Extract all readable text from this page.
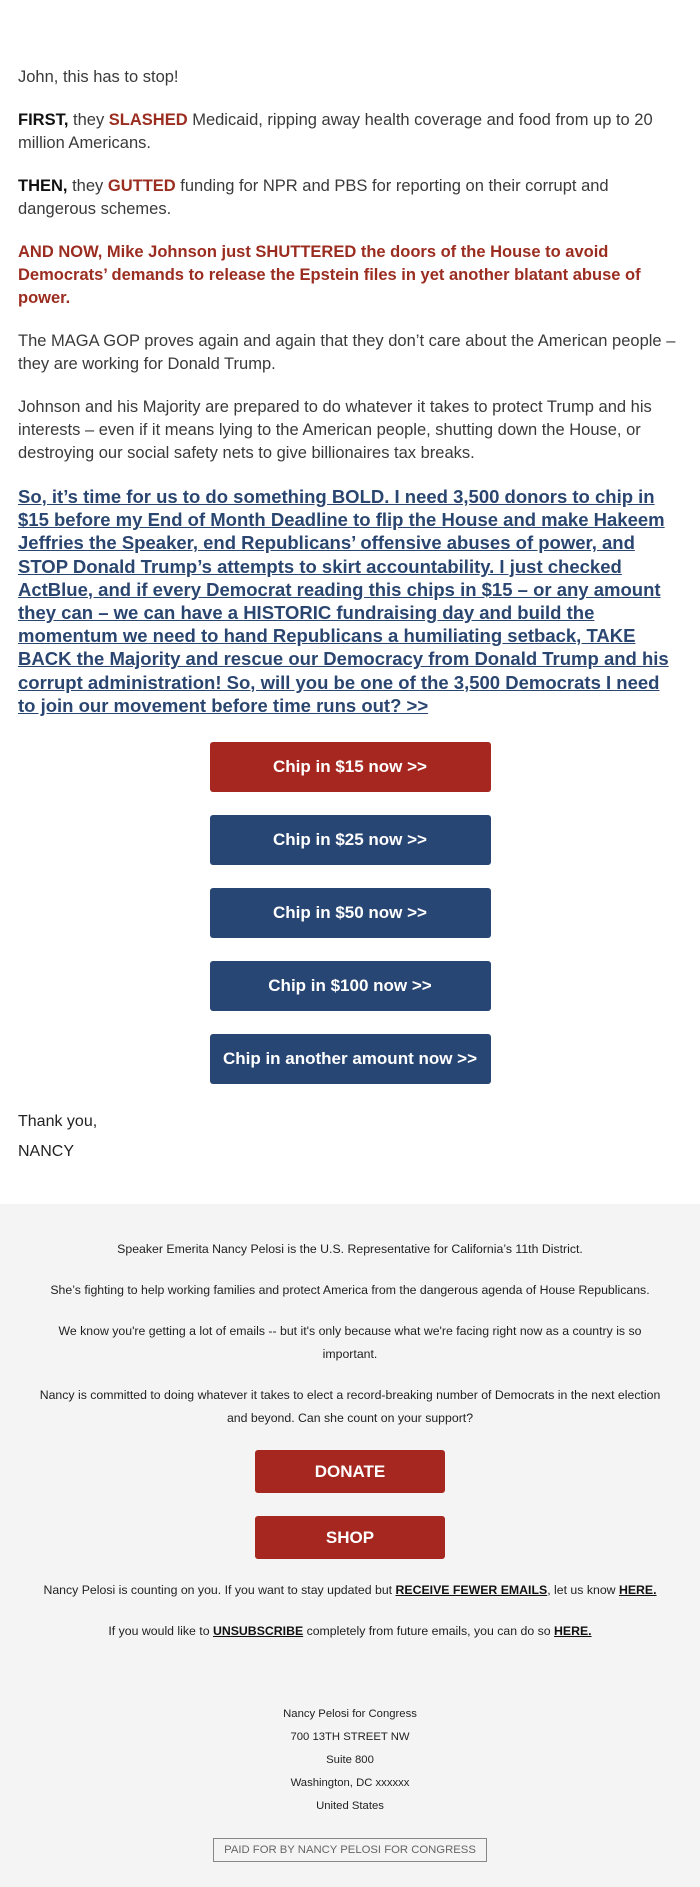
John, this has to stop!

FIRST, they SLASHED Medicaid, ripping away health coverage and food from up to 20 million Americans.

THEN, they GUTTED funding for NPR and PBS for reporting on their corrupt and dangerous schemes.

AND NOW, Mike Johnson just SHUTTERED the doors of the House to avoid Democrats’ demands to release the Epstein files in yet another blatant abuse of power.

The MAGA GOP proves again and again that they don’t care about the American people – they are working for Donald Trump.

Johnson and his Majority are prepared to do whatever it takes to protect Trump and his interests – even if it means lying to the American people, shutting down the House, or destroying our social safety nets to give billionaires tax breaks.

So, it’s time for us to do something BOLD. I need 3,500 donors to chip in $15 before my End of Month Deadline to flip the House and make Hakeem Jeffries the Speaker, end Republicans’ offensive abuses of power, and STOP Donald Trump’s attempts to skirt accountability. I just checked ActBlue, and if every Democrat reading this chips in $15 – or any amount they can – we can have a HISTORIC fundraising day and build the momentum we need to hand Republicans a humiliating setback, TAKE BACK the Majority and rescue our Democracy from Donald Trump and his corrupt administration! So, will you be one of the 3,500 Democrats I need to join our movement before time runs out? >>
Chip in $15 now >>
Chip in $25 now >>
Chip in $50 now >>
Chip in $100 now >>
Chip in another amount now >>
Thank you,
NANCY

Speaker Emerita Nancy Pelosi is the U.S. Representative for California’s 11th District.

She’s fighting to help working families and protect America from the dangerous agenda of House Republicans.

We know you're getting a lot of emails -- but it's only because what we're facing right now as a country is so important.

Nancy is committed to doing whatever it takes to elect a record-breaking number of Democrats in the next election and beyond. Can she count on your support?

DONATE
SHOP

Nancy Pelosi is counting on you. If you want to stay updated but RECEIVE FEWER EMAILS, let us know HERE.

If you would like to UNSUBSCRIBE completely from future emails, you can do so HERE.

Nancy Pelosi for Congress
700 13TH STREET NW
Suite 800
Washington, DC xxxxxx
United States
PAID FOR BY NANCY PELOSI FOR CONGRESS
